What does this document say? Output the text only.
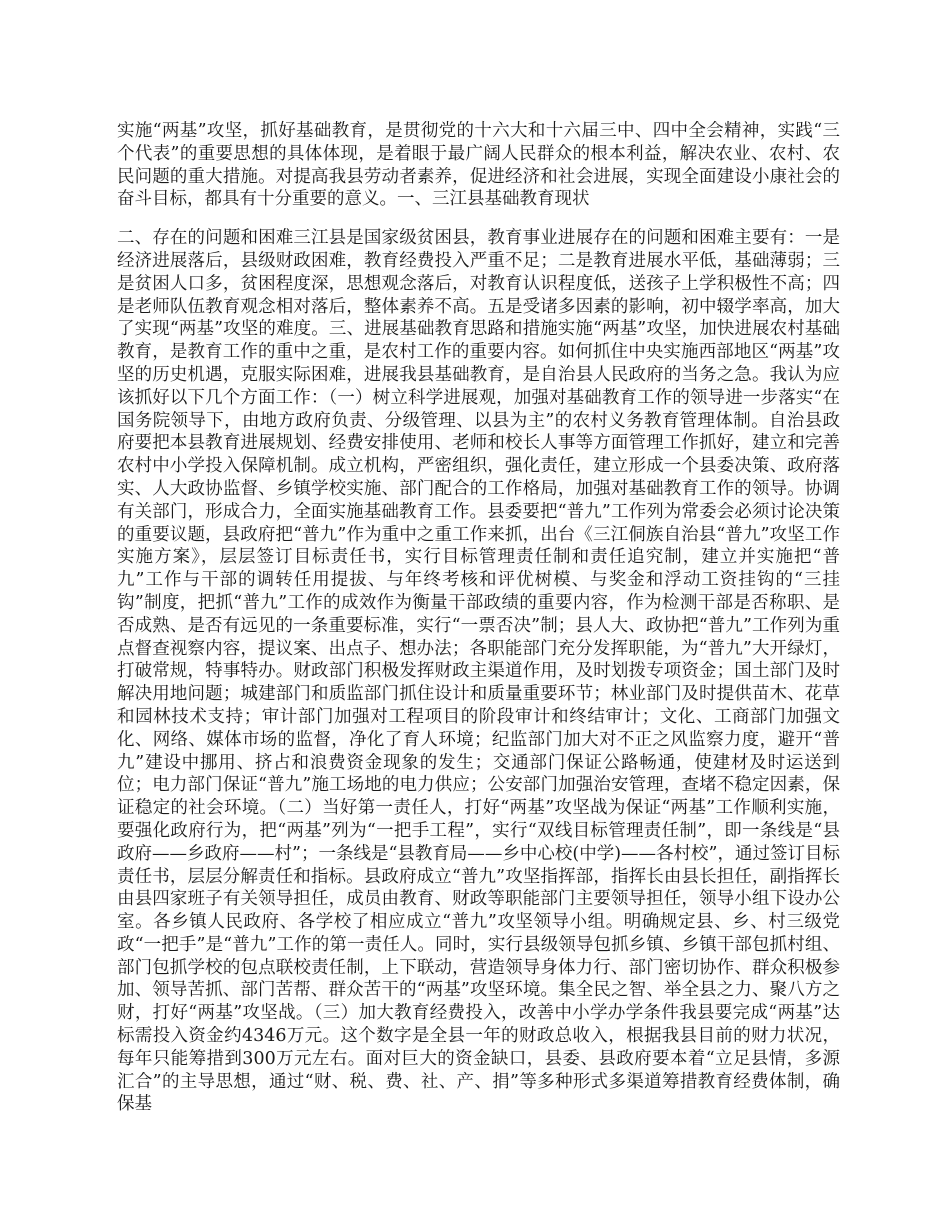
实施“两基”攻坚，抓好基础教育，是贯彻党的十六大和十六届三中、四中全会精神，实践“三个代表”的重要思想的具体体现，是着眼于最广阔人民群众的根本利益，解决农业、农村、农民问题的重大措施。对提高我县劳动者素养，促进经济和社会进展，实现全面建设小康社会的奋斗目标，都具有十分重要的意义。一、三江县基础教育现状

二、存在的问题和困难三江县是国家级贫困县，教育事业进展存在的问题和困难主要有：一是经济进展落后，县级财政困难，教育经费投入严重不足；二是教育进展水平低，基础薄弱；三是贫困人口多，贫困程度深，思想观念落后，对教育认识程度低，送孩子上学积极性不高；四是老师队伍教育观念相对落后，整体素养不高。五是受诸多因素的影响，初中辍学率高，加大了实现“两基”攻坚的难度。三、进展基础教育思路和措施实施“两基”攻坚，加快进展农村基础教育，是教育工作的重中之重，是农村工作的重要内容。如何抓住中央实施西部地区“两基”攻坚的历史机遇，克服实际困难，进展我县基础教育，是自治县人民政府的当务之急。我认为应该抓好以下几个方面工作：（一）树立科学进展观，加强对基础教育工作的领导进一步落实“在国务院领导下，由地方政府负责、分级管理、以县为主”的农村义务教育管理体制。自治县政府要把本县教育进展规划、经费安排使用、老师和校长人事等方面管理工作抓好，建立和完善农村中小学投入保障机制。成立机构，严密组织，强化责任，建立形成一个县委决策、政府落实、人大政协监督、乡镇学校实施、部门配合的工作格局，加强对基础教育工作的领导。协调有关部门，形成合力，全面实施基础教育工作。县委要把“普九”工作列为常委会必须讨论决策的重要议题，县政府把“普九”作为重中之重工作来抓，出台《三江侗族自治县“普九”攻坚工作实施方案》，层层签订目标责任书，实行目标管理责任制和责任追究制，建立并实施把“普九”工作与干部的调转任用提拔、与年终考核和评优树模、与奖金和浮动工资挂钩的“三挂钩”制度，把抓“普九”工作的成效作为衡量干部政绩的重要内容，作为检测干部是否称职、是否成熟、是否有远见的一条重要标准，实行“一票否决”制；县人大、政协把“普九”工作列为重点督查视察内容，提议案、出点子、想办法；各职能部门充分发挥职能，为“普九”大开绿灯，打破常规，特事特办。财政部门积极发挥财政主渠道作用，及时划拨专项资金；国土部门及时解决用地问题；城建部门和质监部门抓住设计和质量重要环节；林业部门及时提供苗木、花草和园林技术支持；审计部门加强对工程项目的阶段审计和终结审计；文化、工商部门加强文化、网络、媒体市场的监督，净化了育人环境；纪监部门加大对不正之风监察力度，避开“普九”建设中挪用、挤占和浪费资金现象的发生；交通部门保证公路畅通，使建材及时运送到位；电力部门保证“普九”施工场地的电力供应；公安部门加强治安管理，查堵不稳定因素，保证稳定的社会环境。（二）当好第一责任人，打好“两基”攻坚战为保证“两基”工作顺利实施，要强化政府行为，把“两基”列为“一把手工程”，实行“双线目标管理责任制”，即一条线是“县政府——乡政府——村”；一条线是“县教育局——乡中心校(中学)——各村校”，通过签订目标责任书，层层分解责任和指标。县政府成立“普九”攻坚指挥部，指挥长由县长担任，副指挥长由县四家班子有关领导担任，成员由教育、财政等职能部门主要领导担任，领导小组下设办公室。各乡镇人民政府、各学校了相应成立“普九”攻坚领导小组。明确规定县、乡、村三级党政“一把手”是“普九”工作的第一责任人。同时，实行县级领导包抓乡镇、乡镇干部包抓村组、部门包抓学校的包点联校责任制，上下联动，营造领导身体力行、部门密切协作、群众积极参加、领导苦抓、部门苦帮、群众苦干的“两基”攻坚环境。集全民之智、举全县之力、聚八方之财，打好“两基”攻坚战。（三）加大教育经费投入，改善中小学办学条件我县要完成“两基”达标需投入资金约4346万元。这个数字是全县一年的财政总收入，根据我县目前的财力状况，每年只能筹措到300万元左右。面对巨大的资金缺口，县委、县政府要本着“立足县情，多源汇合”的主导思想，通过“财、税、费、社、产、捐”等多种形式多渠道筹措教育经费体制，确保基
